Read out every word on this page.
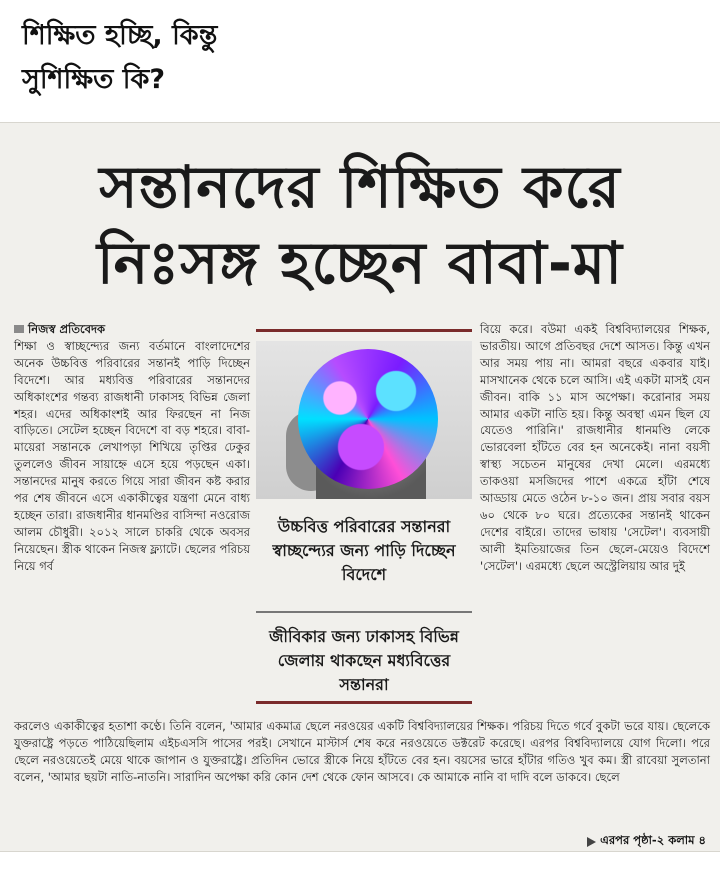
শিক্ষিত হচ্ছি, কিন্তু
সুশিক্ষিত কি?
সন্তানদের শিক্ষিত করে
নিঃসঙ্গ হচ্ছেন বাবা-মা
নিজস্ব প্রতিবেদক
শিক্ষা ও স্বাচ্ছন্দ্যের জন্য বর্তমানে বাংলাদেশের অনেক উচ্চবিত্ত পরিবারের সন্তানই পাড়ি দিচ্ছেন বিদেশে। আর মধ্যবিত্ত পরিবারের সন্তানদের অধিকাংশের গন্তব্য রাজধানী ঢাকাসহ বিভিন্ন জেলা শহর। এদের অধিকাংশই আর ফিরছেন না নিজ বাড়িতে। সেটেল হচ্ছেন বিদেশে বা বড় শহরে। বাবা-মায়েরা সন্তানকে লেখাপড়া শিখিয়ে তৃপ্তির ঢেকুর তুললেও জীবন সায়াহ্নে এসে হয়ে পড়ছেন একা। সন্তানদের মানুষ করতে গিয়ে সারা জীবন কষ্ট করার পর শেষ জীবনে এসে একাকীত্বের যন্ত্রণা মেনে বাধ্য হচ্ছেন তারা। রাজধানীর ধানমণ্ডির বাসিন্দা নওরোজ আলম চৌধুরী। ২০১২ সালে চাকরি থেকে অবসর নিয়েছেন। স্ত্রীক থাকেন নিজস্ব ফ্ল্যাটে। ছেলের পরিচয় নিয়ে গর্ব
উচ্চবিত্ত পরিবারের সন্তানরা স্বাচ্ছন্দ্যের জন্য পাড়ি দিচ্ছেন বিদেশে
জীবিকার জন্য ঢাকাসহ বিভিন্ন জেলায় থাকছেন মধ্যবিত্তের সন্তানরা
বিয়ে করে। বউমা একই বিশ্ববিদ্যালয়ের শিক্ষক, ভারতীয়। আগে প্রতিবছর দেশে আসত। কিন্তু এখন আর সময় পায় না। আমরা বছরে একবার যাই। মাসখানেক থেকে চলে আসি। এই একটা মাসই যেন জীবন। বাকি ১১ মাস অপেক্ষা। করোনার সময় আমার একটা নাতি হয়। কিন্তু অবস্থা এমন ছিল যে যেতেও পারিনি।' রাজধানীর ধানমণ্ডি লেকে ভোরবেলা হাঁটতে বের হন অনেকেই। নানা বয়সী স্বাস্থ্য সচেতন মানুষের দেখা মেলে। এরমধ্যে তাকওয়া মসজিদের পাশে একত্রে হাঁটা শেষে আড্ডায় মেতে ওঠেন ৮-১০ জন। প্রায় সবার বয়স ৬০ থেকে ৮০ ঘরে। প্রত্যেকের সন্তানই থাকেন দেশের বাইরে। তাদের ভাষায় 'সেটেল'। ব্যবসায়ী আলী ইমতিয়াজের তিন ছেলে-মেয়েও বিদেশে 'সেটেল'। এরমধ্যে ছেলে অস্ট্রেলিয়ায় আর দুই
করলেও একাকীত্বের হতাশা কণ্ঠে। তিনি বলেন, 'আমার একমাত্র ছেলে নরওয়ের একটি বিশ্ববিদ্যালয়ের শিক্ষক। পরিচয় দিতে গর্বে বুকটা ভরে যায়। ছেলেকে যুক্তরাষ্ট্রে পড়তে পাঠিয়েছিলাম এইচএসসি পাসের পরই। সেখানে মাস্টার্স শেষ করে নরওয়েতে ডক্টরেট করেছে। এরপর বিশ্ববিদ্যালয়ে যোগ দিলো। পরে ছেলে নরওয়েতেই মেয়ে থাকে জাপান ও যুক্তরাষ্ট্রে। প্রতিদিন ভোরে স্ত্রীকে নিয়ে হাঁটতে বের হন। বয়সের ভারে হাঁটার গতিও খুব কম। স্ত্রী রাবেয়া সুলতানা বলেন, 'আমার ছয়টা নাতি-নাতনি। সারাদিন অপেক্ষা করি কোন দেশ থেকে ফোন আসবে। কে আমাকে নানি বা দাদি বলে ডাকবে। ছেলে
এরপর পৃষ্ঠা-২ কলাম ৪
